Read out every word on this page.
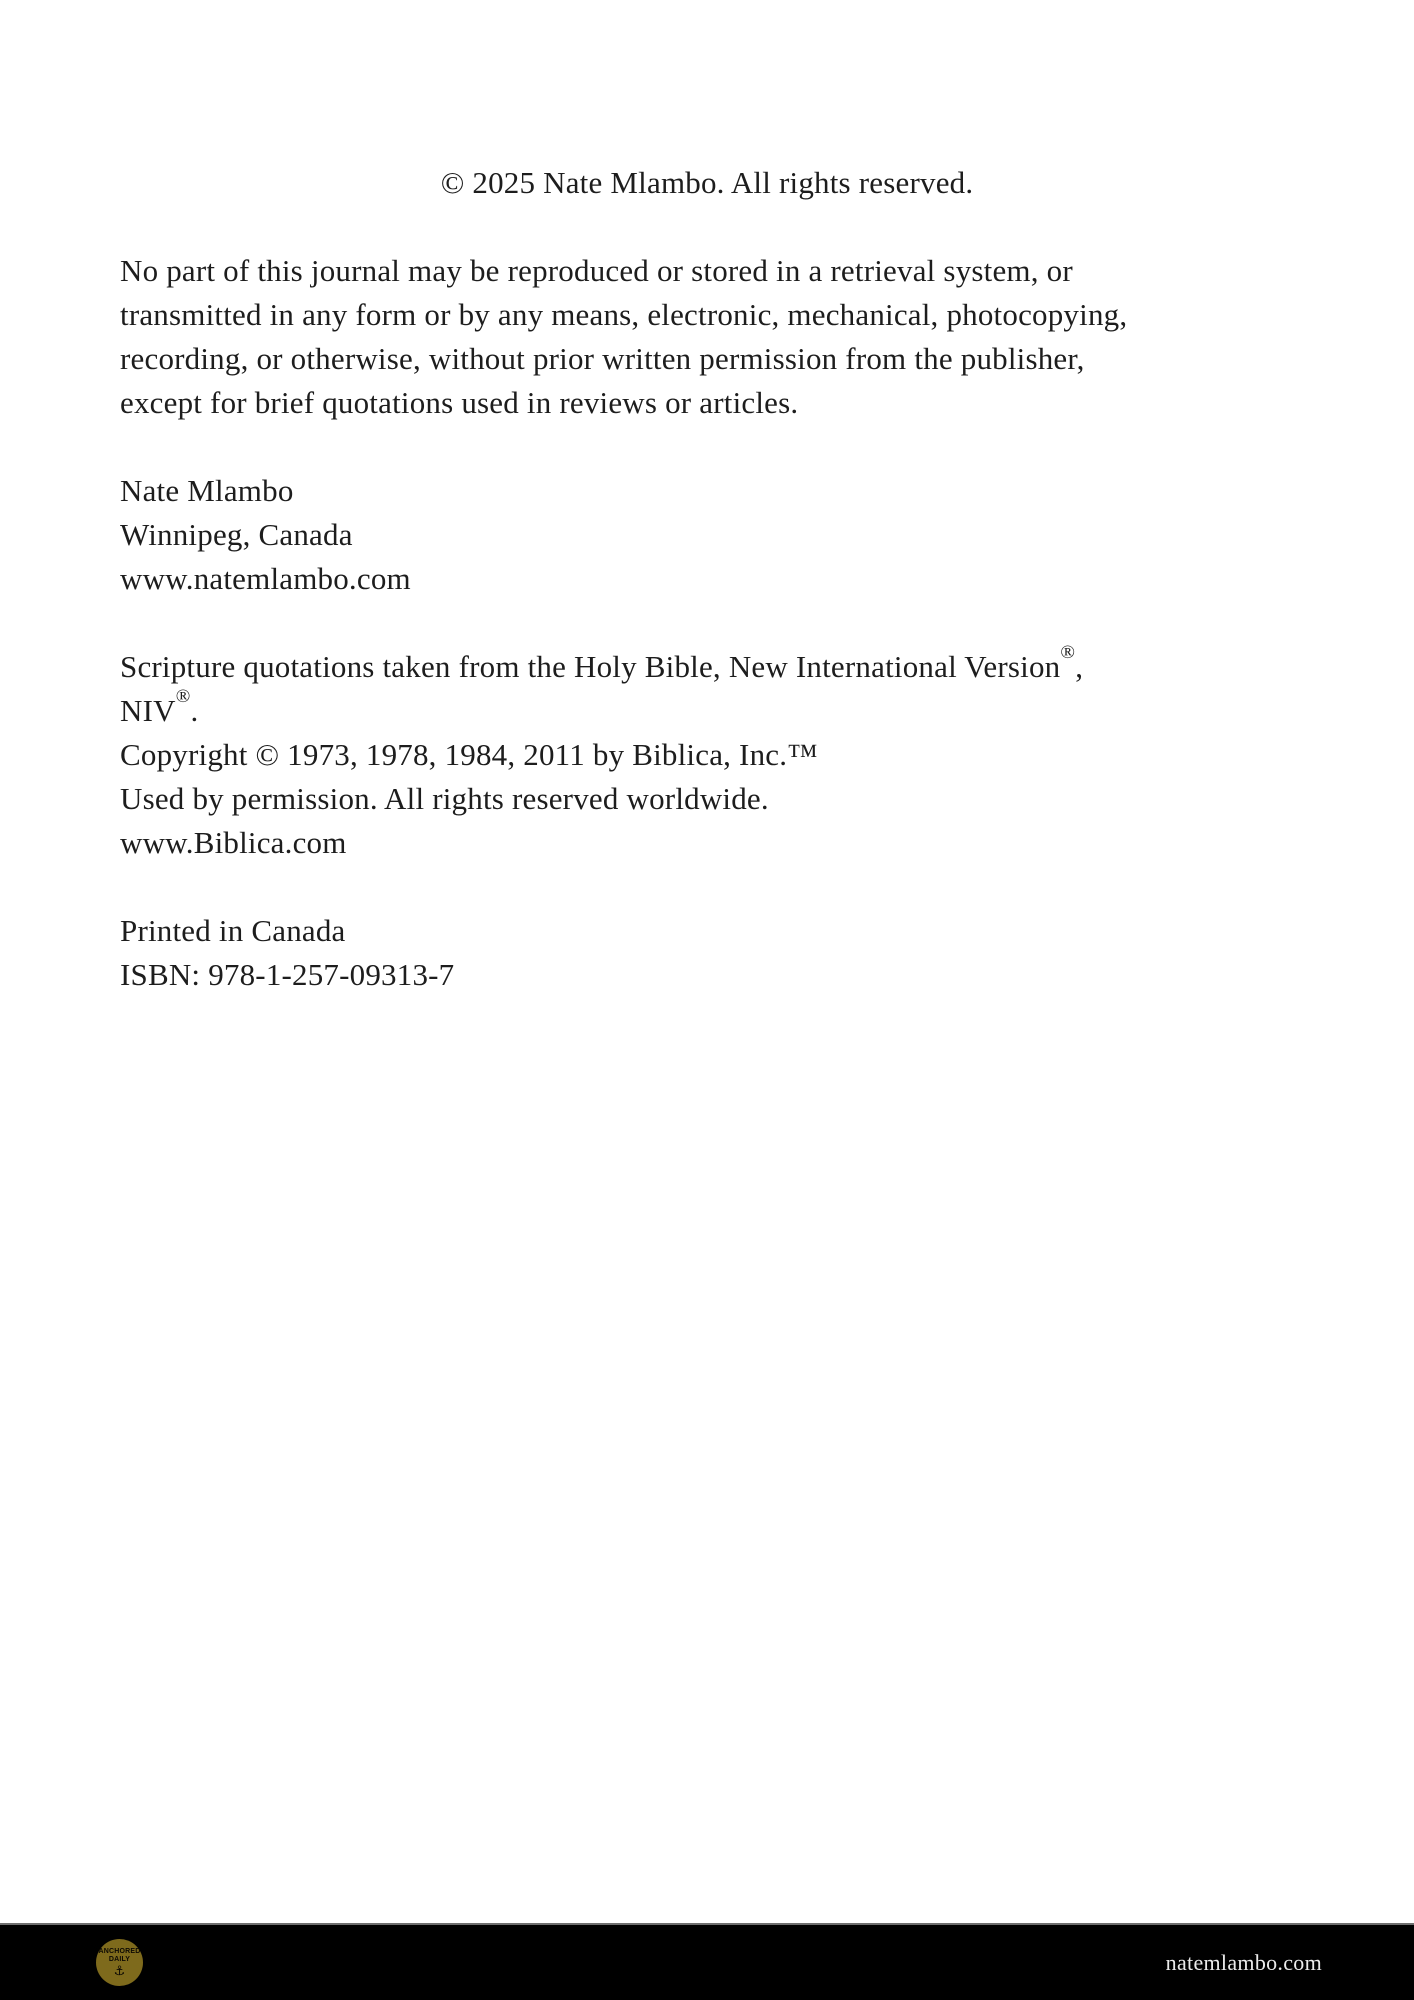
© 2025 Nate Mlambo. All rights reserved.
No part of this journal may be reproduced or stored in a retrieval system, or
transmitted in any form or by any means, electronic, mechanical, photocopying,
recording, or otherwise, without prior written permission from the publisher,
except for brief quotations used in reviews or articles.
Nate Mlambo
Winnipeg, Canada
www.natemlambo.com
Scripture quotations taken from the Holy Bible, New International Version®,
NIV®.
Copyright © 1973, 1978, 1984, 2011 by Biblica, Inc.™
Used by permission. All rights reserved worldwide.
www.Biblica.com
Printed in Canada
ISBN: 978-1-257-09313-7
ANCHORED
DAILY
⚓	natemlambo.com
